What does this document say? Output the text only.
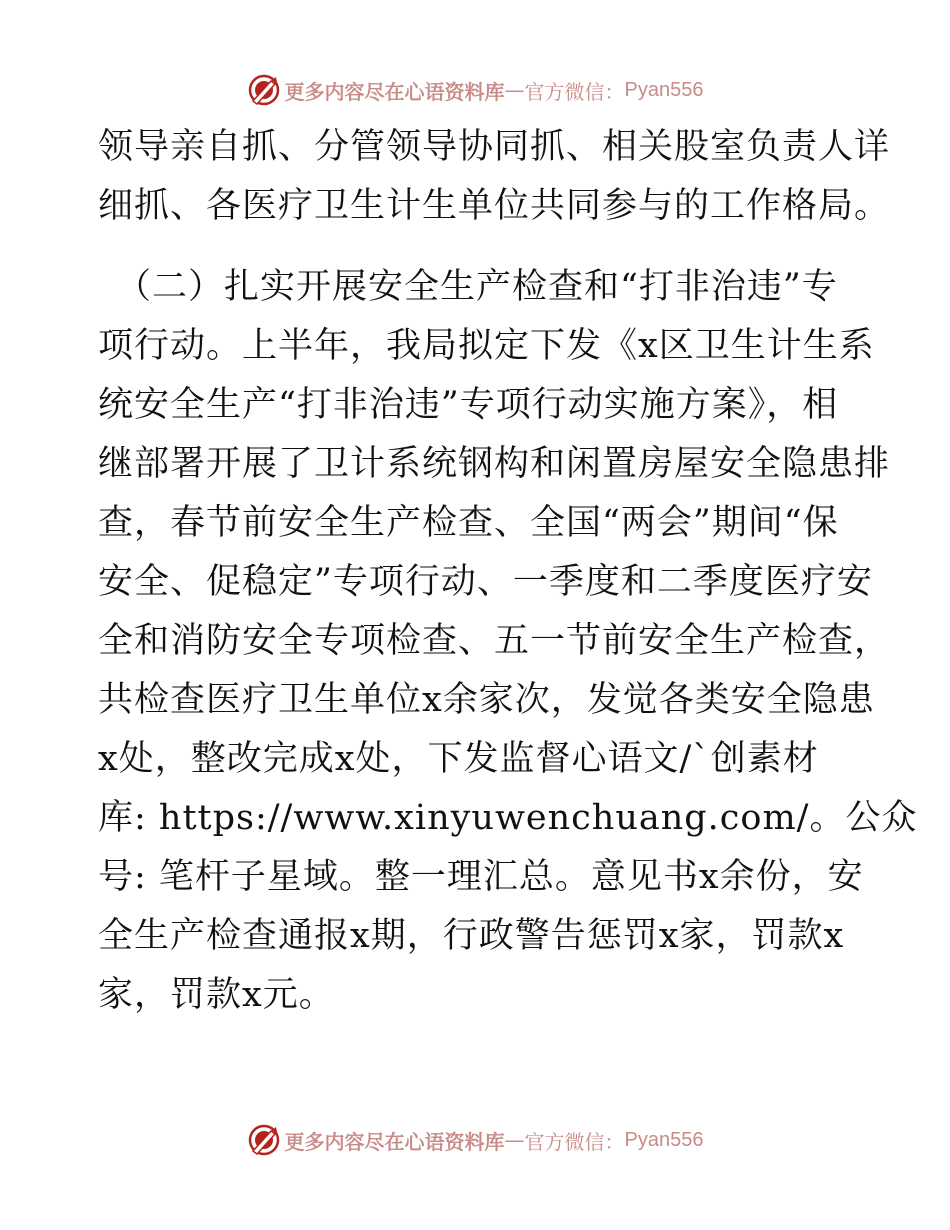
更多内容尽在心语资料库 — 官方微信： Pyan556
领导亲自抓、分管领导协同抓、相关股室负责人详
细抓、各医疗卫生计生单位共同参与的工作格局。
（二）扎实开展安全生产检查和“打非治违”专
项行动。上半年，我局拟定下发《x区卫生计生系
统安全生产“打非治违”专项行动实施方案》，相
继部署开展了卫计系统钢构和闲置房屋安全隐患排
查，春节前安全生产检查、全国“两会”期间“保
安全、促稳定”专项行动、一季度和二季度医疗安
全和消防安全专项检查、五一节前安全生产检查，
共检查医疗卫生单位x余家次，发觉各类安全隐患
x处，整改完成x处，下发监督心语文/`创素材
库: https://www.xinyuwenchuang.com/。公众
号: 笔杆子星域。整一理汇总。意见书x余份，安
全生产检查通报x期，行政警告惩罚x家，罚款x
家，罚款x元。
更多内容尽在心语资料库 — 官方微信： Pyan556
